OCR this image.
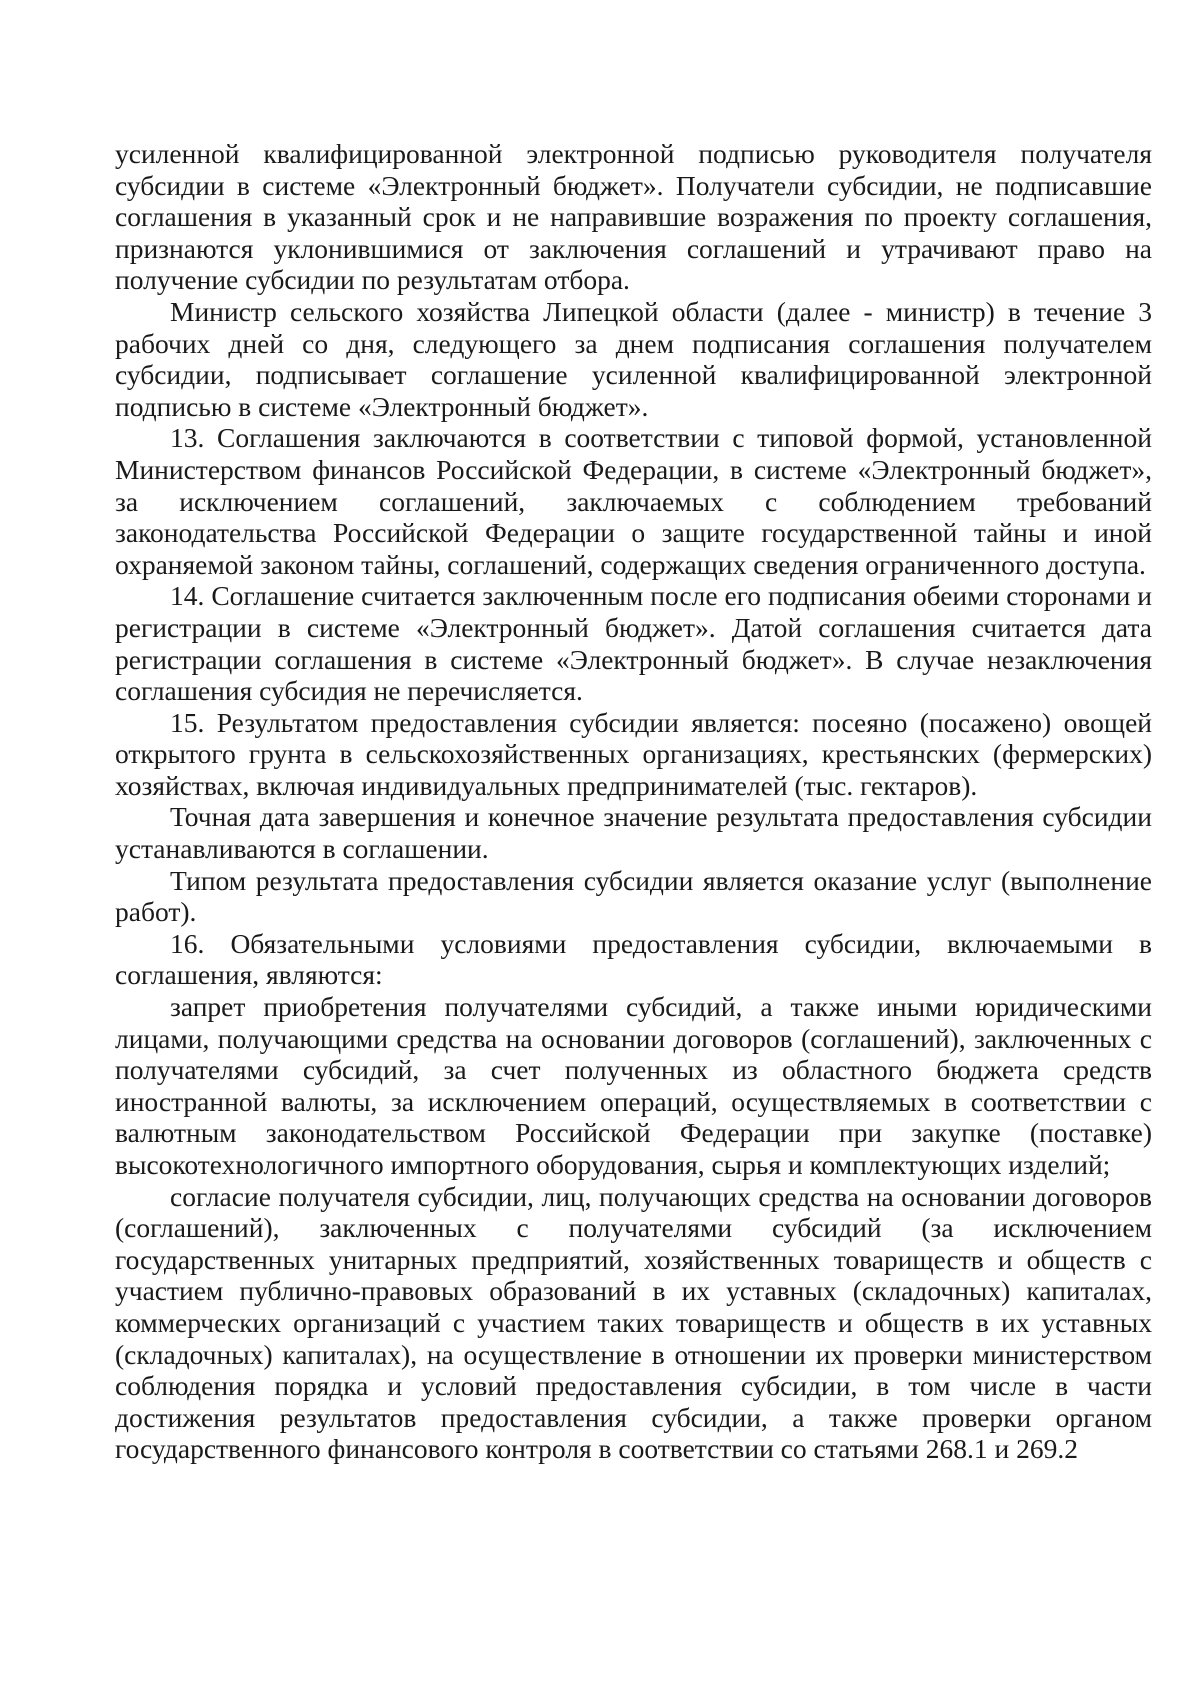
усиленной квалифицированной электронной подписью руководителя получателя субсидии в системе «Электронный бюджет». Получатели субсидии, не подписавшие соглашения в указанный срок и не направившие возражения по проекту соглашения, признаются уклонившимися от заключения соглашений и утрачивают право на получение субсидии по результатам отбора.

Министр сельского хозяйства Липецкой области (далее - министр) в течение 3 рабочих дней со дня, следующего за днем подписания соглашения получателем субсидии, подписывает соглашение усиленной квалифицированной электронной подписью в системе «Электронный бюджет».

13. Соглашения заключаются в соответствии с типовой формой, установленной Министерством финансов Российской Федерации, в системе «Электронный бюджет», за исключением соглашений, заключаемых с соблюдением требований законодательства Российской Федерации о защите государственной тайны и иной охраняемой законом тайны, соглашений, содержащих сведения ограниченного доступа.

14. Соглашение считается заключенным после его подписания обеими сторонами и регистрации в системе «Электронный бюджет». Датой соглашения считается дата регистрации соглашения в системе «Электронный бюджет». В случае незаключения соглашения субсидия не перечисляется.

15. Результатом предоставления субсидии является: посеяно (посажено) овощей открытого грунта в сельскохозяйственных организациях, крестьянских (фермерских) хозяйствах, включая индивидуальных предпринимателей (тыс. гектаров).

Точная дата завершения и конечное значение результата предоставления субсидии устанавливаются в соглашении.

Типом результата предоставления субсидии является оказание услуг (выполнение работ).

16. Обязательными условиями предоставления субсидии, включаемыми в соглашения, являются:

запрет приобретения получателями субсидий, а также иными юридическими лицами, получающими средства на основании договоров (соглашений), заключенных с получателями субсидий, за счет полученных из областного бюджета средств иностранной валюты, за исключением операций, осуществляемых в соответствии с валютным законодательством Российской Федерации при закупке (поставке) высокотехнологичного импортного оборудования, сырья и комплектующих изделий;

согласие получателя субсидии, лиц, получающих средства на основании договоров (соглашений), заключенных с получателями субсидий (за исключением государственных унитарных предприятий, хозяйственных товариществ и обществ с участием публично-правовых образований в их уставных (складочных) капиталах, коммерческих организаций с участием таких товариществ и обществ в их уставных (складочных) капиталах), на осуществление в отношении их проверки министерством соблюдения порядка и условий предоставления субсидии, в том числе в части достижения результатов предоставления субсидии, а также проверки органом государственного финансового контроля в соответствии со статьями 268.1 и 269.2
